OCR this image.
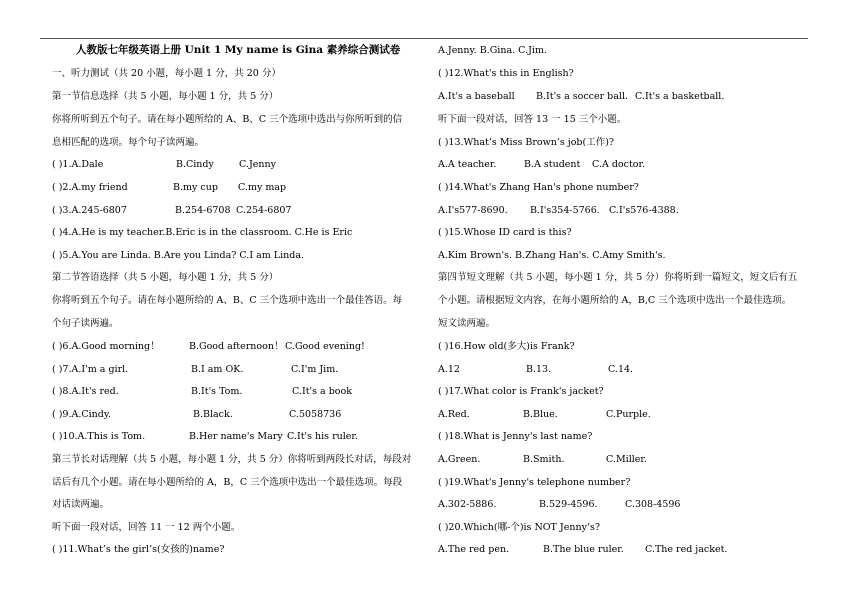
人教版七年级英语上册 Unit 1 My name is Gina 素养综合测试卷
一、听力测试（共 20 小题，每小题 1 分，共 20 分）
第一节信息选择（共 5 小题，每小题 1 分，共 5 分）
你将所听到五个句子。请在每小题所给的 A、B、C 三个选项中选出与你所听到的信
息相匹配的选项。每个句子读两遍。
( )1.A.Dale	B.Cindy	C.Jenny
( )2.A.my friend	B.my cup C.my map
( )3.A.245-6807	B.254-6708 C.254-6807
( )4.A.He is my teacher.B.Eric is in the classroom. C.He is Eric
( )5.A.You are Linda. B.Are you Linda? C.I am Linda.
第二节答语选择（共 5 小题，每小题 1 分，共 5 分）
你将听到五个句子。请在每小题所给的 A、B、C 三个选项中选出一个最佳答语。每
个句子读两遍。
( )6.A.Good morning！	B.Good afternoon！ C.Good evening!
( )7.A.I'm a girl.	B.I am OK.	C.I'm Jim.
( )8.A.It's red.	B.It's Tom.	C.It's a book
( )9.A.Cindy.	B.Black.	C.5058736
( )10.A.This is Tom.	B.Her name's Mary C.It's his ruler.
第三节长对话理解（共 5 小题，每小题 1 分，共 5 分）你将听到两段长对话，每段对
话后有几个小题。请在每小题所给的 A，B，C 三个选项中选出一个最佳选项。每段
对话读两遍。
听下面一段对话，回答 11 一 12 两个小题。
( )11.What’s the girl’s(女孩的)name?
A.Jenny. B.Gina. C.Jim.
( )12.What's this in English?
A.It's a baseball B.It's a soccer ball. C.It's a basketball.
听下面一段对话，回答 13 一 15 三个小题。
( )13.What’s Miss Brown’s job(工作)?
A.A teacher.	B.A student C.A doctor.
( )14.What's Zhang Han's phone number?
A.I's577-8690. B.I's354-5766. C.I's576-4388.
( )15.Whose ID card is this?
A.Kim Brown's. B.Zhang Han's. C.Amy Smith's.
第四节短文理解（共 5 小题，每小题 1 分，共 5 分）你将听到一篇短文，短文后有五
个小题。请根据短文内容，在每小题所给的 A，B,C 三个选项中选出一个最佳选项。
短文读两遍。
( )16.How old(多大)is Frank?
A.12	B.13.	C.14.
( )17.What color is Frank's jacket?
A.Red.	B.Blue.	C.Purple.
( )18.What is Jenny's last name?
A.Green.	B.Smith.	C.Miller.
( )19.What's Jenny's telephone number?
A.302-5886.	B.529-4596.	C.308-4596
( )20.Which(哪-个)is NOT Jenny’s?
A.The red pen.	B.The blue ruler. C.The red jacket.
